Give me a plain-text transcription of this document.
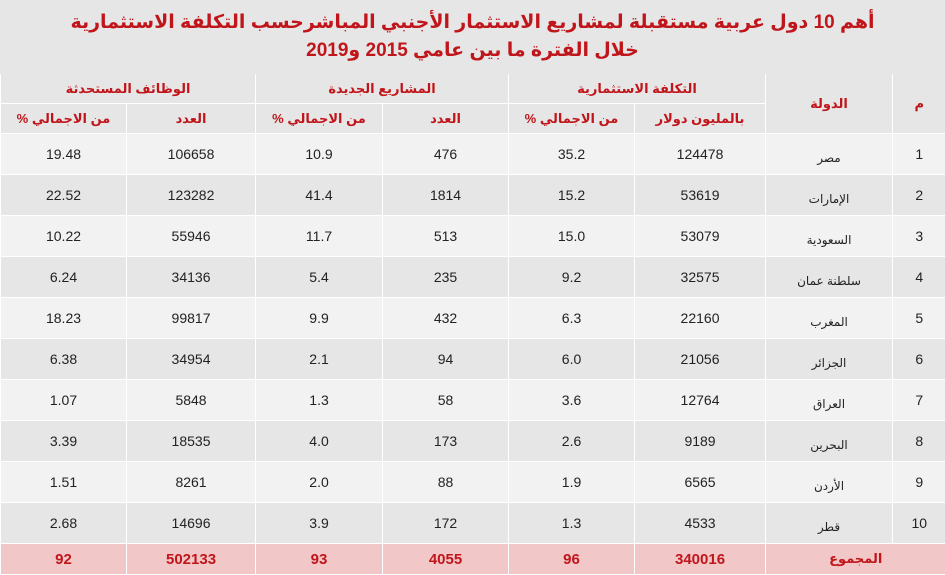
أهم 10 دول عربية مستقبلة لمشاريع الاستثمار الأجنبي المباشرحسب التكلفة الاستثمارية
خلال الفترة ما بين عامي 2015 و2019
م	الدولة	التكلفة الاستثمارية		المشاريع الجديدة		الوظائف المستحدثة	
		بالمليون دولار	من الاجمالي %	العدد	من الاجمالي %	العدد	من الاجمالي %
1	مصر	124478	35.2	476	10.9	106658	19.48
2	الإمارات	53619	15.2	1814	41.4	123282	22.52
3	السعودية	53079	15.0	513	11.7	55946	10.22
4	سلطنة عمان	32575	9.2	235	5.4	34136	6.24
5	المغرب	22160	6.3	432	9.9	99817	18.23
6	الجزائر	21056	6.0	94	2.1	34954	6.38
7	العراق	12764	3.6	58	1.3	5848	1.07
8	البحرين	9189	2.6	173	4.0	18535	3.39
9	الأردن	6565	1.9	88	2.0	8261	1.51
10	قطر	4533	1.3	172	3.9	14696	2.68
المجموع		340016	96	4055	93	502133	92
